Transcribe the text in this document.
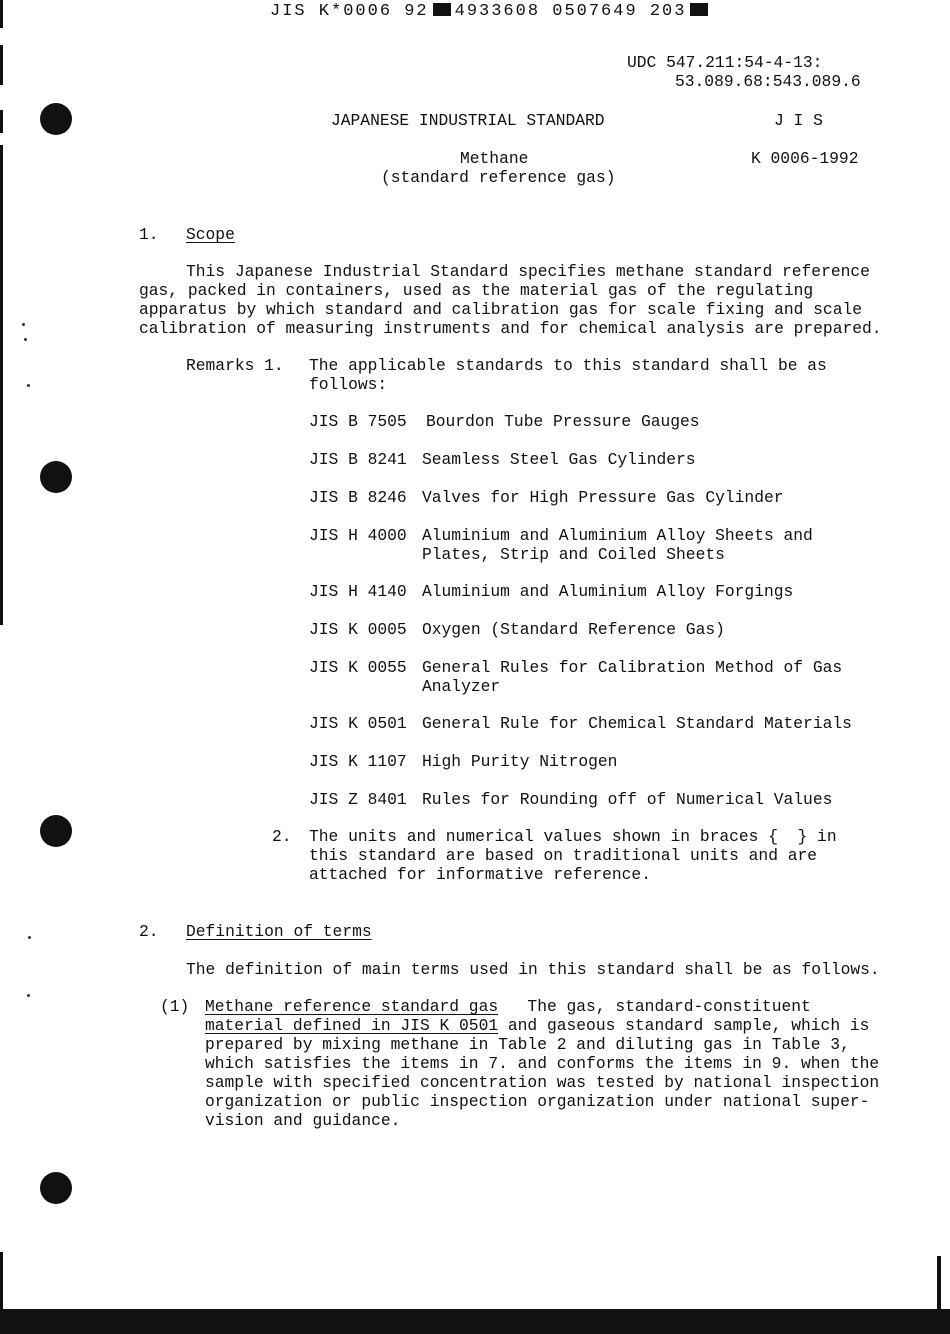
JIS K*0006 92 4933608 0507649 203
UDC 547.211:54-4-13:
53.089.68:543.089.6
JAPANESE INDUSTRIAL STANDARD	J I S
Methane	K 0006-1992
(standard reference gas)
1. Scope
This Japanese Industrial Standard specifies methane standard reference
gas, packed in containers, used as the material gas of the regulating
apparatus by which standard and calibration gas for scale fixing and scale
calibration of measuring instruments and for chemical analysis are prepared.
Remarks 1. The applicable standards to this standard shall be as
follows:
JIS B 7505 Bourdon Tube Pressure Gauges
JIS B 8241 Seamless Steel Gas Cylinders
JIS B 8246 Valves for High Pressure Gas Cylinder
JIS H 4000 Aluminium and Aluminium Alloy Sheets and
Plates, Strip and Coiled Sheets
JIS H 4140 Aluminium and Aluminium Alloy Forgings
JIS K 0005 Oxygen (Standard Reference Gas)
JIS K 0055 General Rules for Calibration Method of Gas
Analyzer
JIS K 0501 General Rule for Chemical Standard Materials
JIS K 1107 High Purity Nitrogen
JIS Z 8401 Rules for Rounding off of Numerical Values
2. The units and numerical values shown in braces {  } in
this standard are based on traditional units and are
attached for informative reference.
2. Definition of terms
The definition of main terms used in this standard shall be as follows.
(1) Methane reference standard gas   The gas, standard-constituent
material defined in JIS K 0501 and gaseous standard sample, which is
prepared by mixing methane in Table 2 and diluting gas in Table 3,
which satisfies the items in 7. and conforms the items in 9. when the
sample with specified concentration was tested by national inspection
organization or public inspection organization under national super-
vision and guidance.
